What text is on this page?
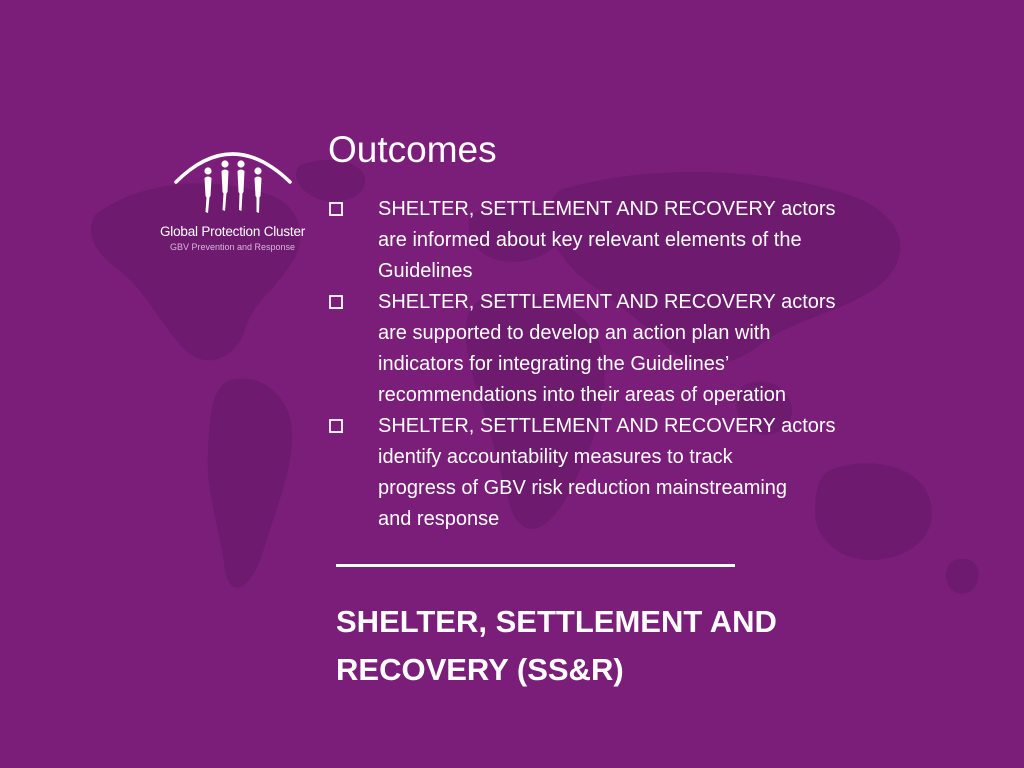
Global Protection Cluster
GBV Prevention and Response
Outcomes
SHELTER, SETTLEMENT AND RECOVERY actors
are informed about key relevant elements of the
Guidelines
SHELTER, SETTLEMENT AND RECOVERY actors
are supported to develop an action plan with
indicators for integrating the Guidelines’
recommendations into their areas of operation
SHELTER, SETTLEMENT AND RECOVERY actors
identify accountability measures to track
progress of GBV risk reduction mainstreaming
and response
SHELTER, SETTLEMENT AND
RECOVERY (SS&R)
